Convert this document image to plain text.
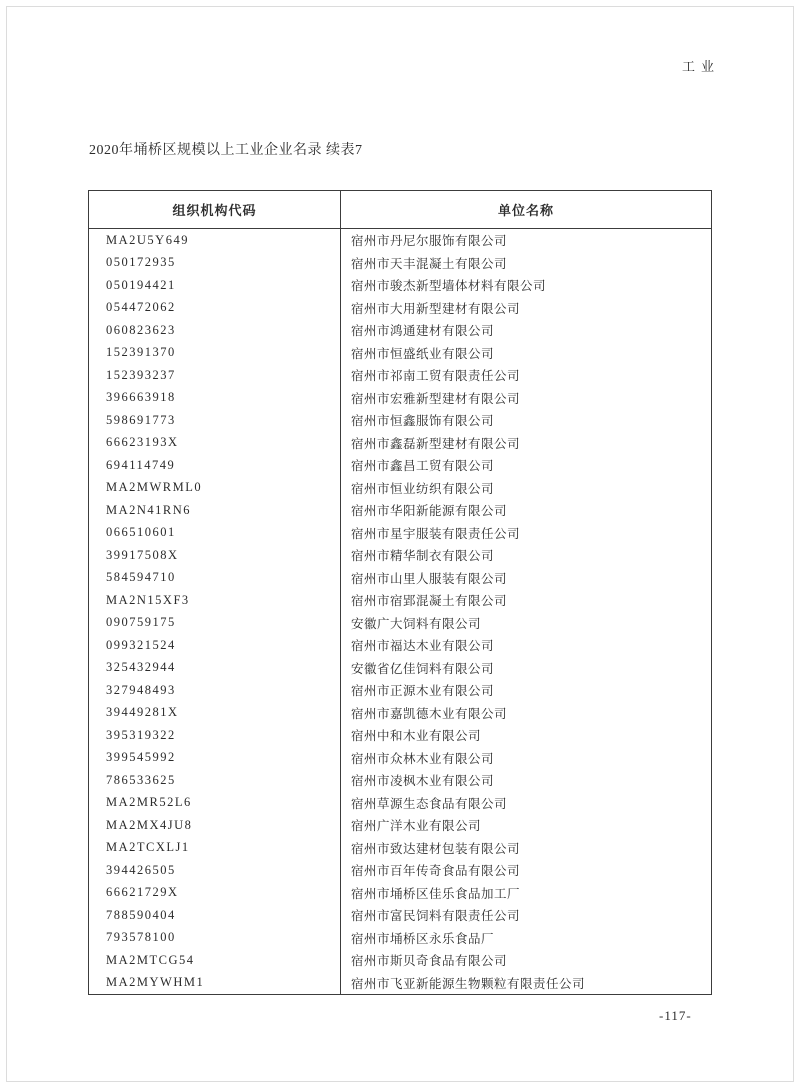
工业
2020年埇桥区规模以上工业企业名录 续表7
组织机构代码	单位名称
MA2U5Y649	宿州市丹尼尔服饰有限公司
050172935	宿州市天丰混凝土有限公司
050194421	宿州市骏杰新型墙体材料有限公司
054472062	宿州市大用新型建材有限公司
060823623	宿州市鸿通建材有限公司
152391370	宿州市恒盛纸业有限公司
152393237	宿州市祁南工贸有限责任公司
396663918	宿州市宏雅新型建材有限公司
598691773	宿州市恒鑫服饰有限公司
66623193X	宿州市鑫磊新型建材有限公司
694114749	宿州市鑫昌工贸有限公司
MA2MWRML0	宿州市恒业纺织有限公司
MA2N41RN6	宿州市华阳新能源有限公司
066510601	宿州市星宇服装有限责任公司
39917508X	宿州市精华制衣有限公司
584594710	宿州市山里人服装有限公司
MA2N15XF3	宿州市宿郢混凝土有限公司
090759175	安徽广大饲料有限公司
099321524	宿州市福达木业有限公司
325432944	安徽省亿佳饲料有限公司
327948493	宿州市正源木业有限公司
39449281X	宿州市嘉凯德木业有限公司
395319322	宿州中和木业有限公司
399545992	宿州市众林木业有限公司
786533625	宿州市凌枫木业有限公司
MA2MR52L6	宿州草源生态食品有限公司
MA2MX4JU8	宿州广洋木业有限公司
MA2TCXLJ1	宿州市致达建材包装有限公司
394426505	宿州市百年传奇食品有限公司
66621729X	宿州市埇桥区佳乐食品加工厂
788590404	宿州市富民饲料有限责任公司
793578100	宿州市埇桥区永乐食品厂
MA2MTCG54	宿州市斯贝奇食品有限公司
MA2MYWHM1	宿州市飞亚新能源生物颗粒有限责任公司
-117-
